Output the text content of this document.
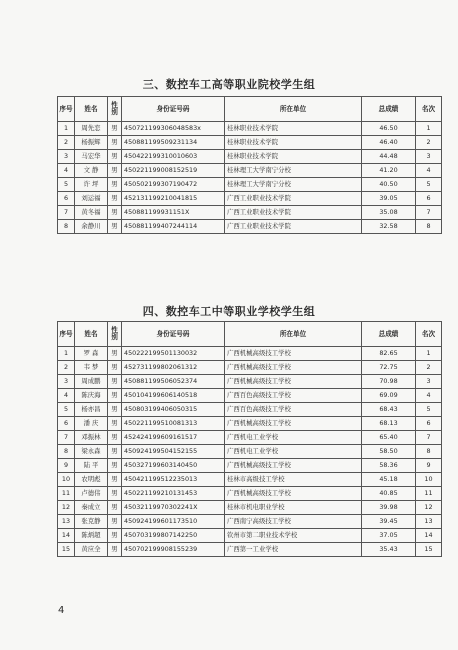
三、数控车工高等职业院校学生组
序号	姓名	性别	身份证号码	所在单位	总成绩	名次
1	周先恋	男	450721199306048583x	桂林职业技术学院	46.50	1
2	杨振辉	男	450881199509231134	桂林职业技术学院	46.40	2
3	马宏华	男	450422199310010603	桂林职业技术学院	44.48	3
4	文 静	男	450221199008152519	桂林理工大学南宁分校	41.20	4
5	许 坪	男	450502199307190472	桂林理工大学南宁分校	40.50	5
6	刘运福	男	452131199210041815	广西工业职业技术学院	39.05	6
7	黄冬福	男	450881199931151X	广西工业职业技术学院	35.08	7
8	余静川	男	450881199407244114	广西工业职业技术学院	32.58	8
四、数控车工中等职业学校学生组
序号	姓名	性别	身份证号码	所在单位	总成绩	名次
1	罗 森	男	450222199501130032	广西机械高级技工学校	82.65	1
2	韦 梦	男	452731199802061312	广西机械高级技工学校	72.75	2
3	周成鹏	男	450881199506052374	广西机械高级技工学校	70.98	3
4	陈庆海	男	450104199606140518	广西百色高级技工学校	69.09	4
5	杨亦昌	男	450803199406050315	广西百色高级技工学校	68.43	5
6	潘 庆	男	450221199510081313	广西机械高级技工学校	68.13	6
7	邓振林	男	452424199609161517	广西机电工业学校	65.40	7
8	梁永森	男	450924199504152155	广西机电工业学校	58.50	8
9	陆 平	男	450327199603140450	广西机械高级技工学校	58.36	9
10	农明彪	男	450421199512235013	桂林市高级技工学校	45.18	10
11	卢德伟	男	450221199210131453	广西机械高级技工学校	40.85	11
12	秦成立	男	45032119970302241X	桂林市机电职业学校	39.98	12
13	张克静	男	450924199601173510	广西南宁高级技工学校	39.45	13
14	陈炳超	男	450703199807142250	钦州市第二职业技术学校	37.05	14
15	黄应全	男	450702199908155239	广西第一工业学校	35.43	15
4
